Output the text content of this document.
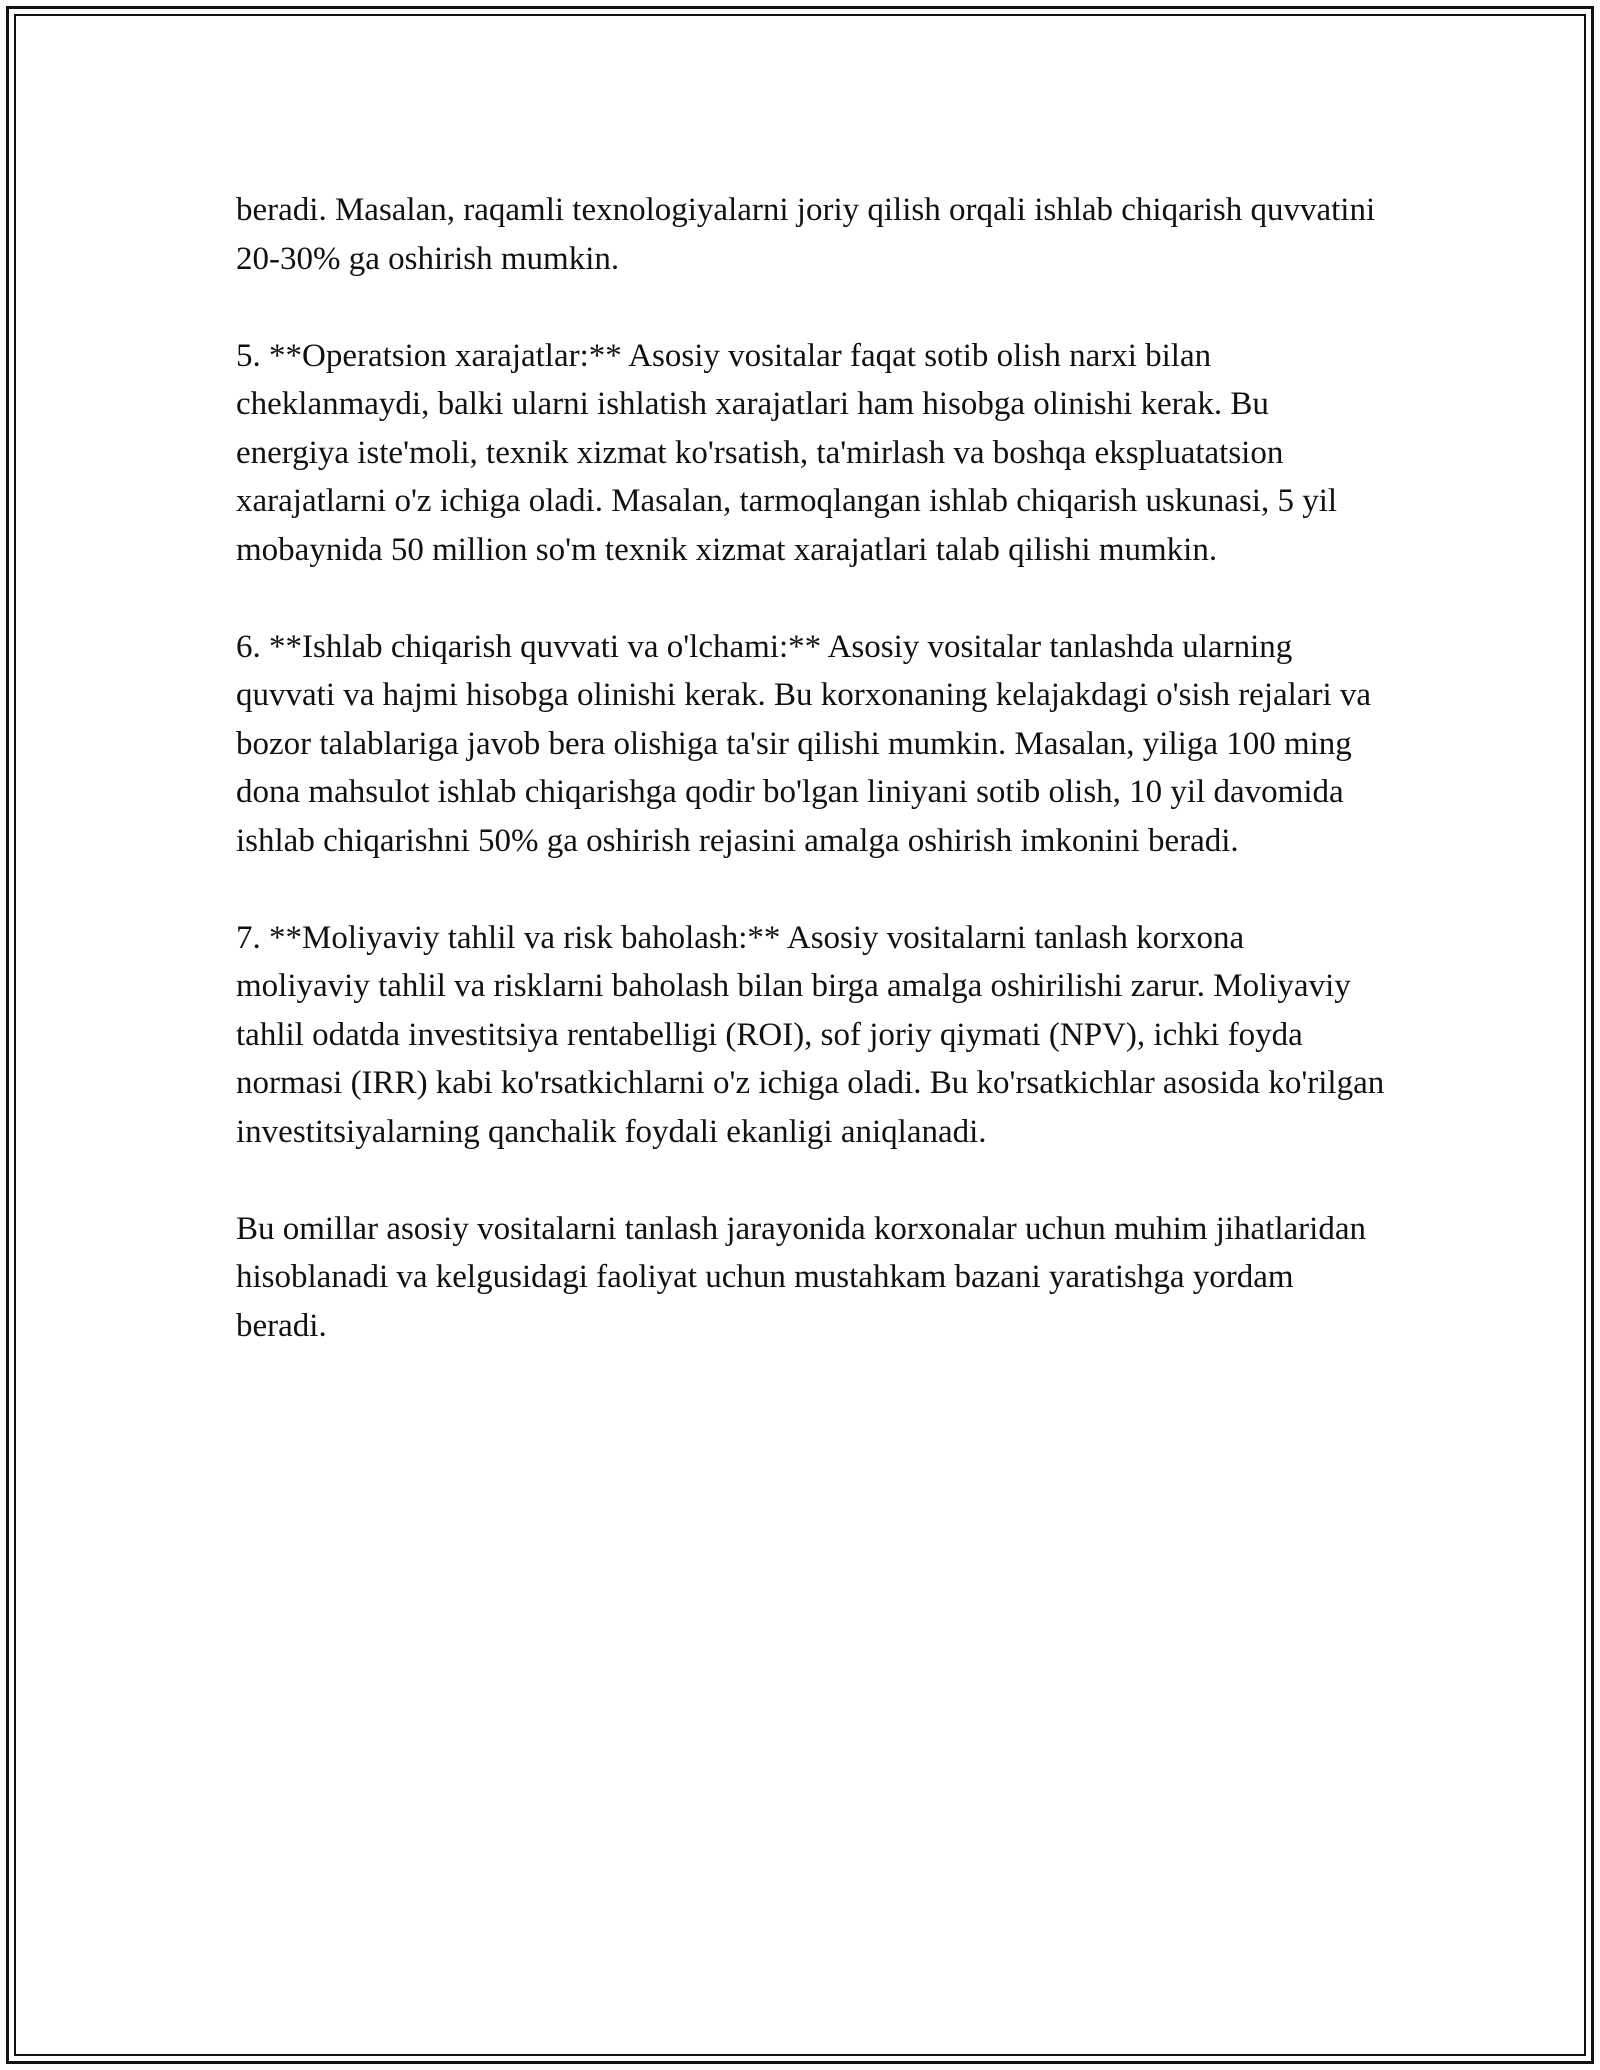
beradi. Masalan, raqamli texnologiyalarni joriy qilish orqali ishlab chiqarish quvvatini 20-30% ga oshirish mumkin.

5. **Operatsion xarajatlar:** Asosiy vositalar faqat sotib olish narxi bilan cheklanmaydi, balki ularni ishlatish xarajatlari ham hisobga olinishi kerak. Bu energiya iste'moli, texnik xizmat ko'rsatish, ta'mirlash va boshqa ekspluatatsion xarajatlarni o'z ichiga oladi. Masalan, tarmoqlangan ishlab chiqarish uskunasi, 5 yil mobaynida 50 million so'm texnik xizmat xarajatlari talab qilishi mumkin.

6. **Ishlab chiqarish quvvati va o'lchami:** Asosiy vositalar tanlashda ularning quvvati va hajmi hisobga olinishi kerak. Bu korxonaning kelajakdagi o'sish rejalari va bozor talablariga javob bera olishiga ta'sir qilishi mumkin. Masalan, yiliga 100 ming dona mahsulot ishlab chiqarishga qodir bo'lgan liniyani sotib olish, 10 yil davomida ishlab chiqarishni 50% ga oshirish rejasini amalga oshirish imkonini beradi.

7. **Moliyaviy tahlil va risk baholash:** Asosiy vositalarni tanlash korxona moliyaviy tahlil va risklarni baholash bilan birga amalga oshirilishi zarur. Moliyaviy tahlil odatda investitsiya rentabelligi (ROI), sof joriy qiymati (NPV), ichki foyda normasi (IRR) kabi ko'rsatkichlarni o'z ichiga oladi. Bu ko'rsatkichlar asosida ko'rilgan investitsiyalarning qanchalik foydali ekanligi aniqlanadi.

Bu omillar asosiy vositalarni tanlash jarayonida korxonalar uchun muhim jihatlaridan hisoblanadi va kelgusidagi faoliyat uchun mustahkam bazani yaratishga yordam beradi.
